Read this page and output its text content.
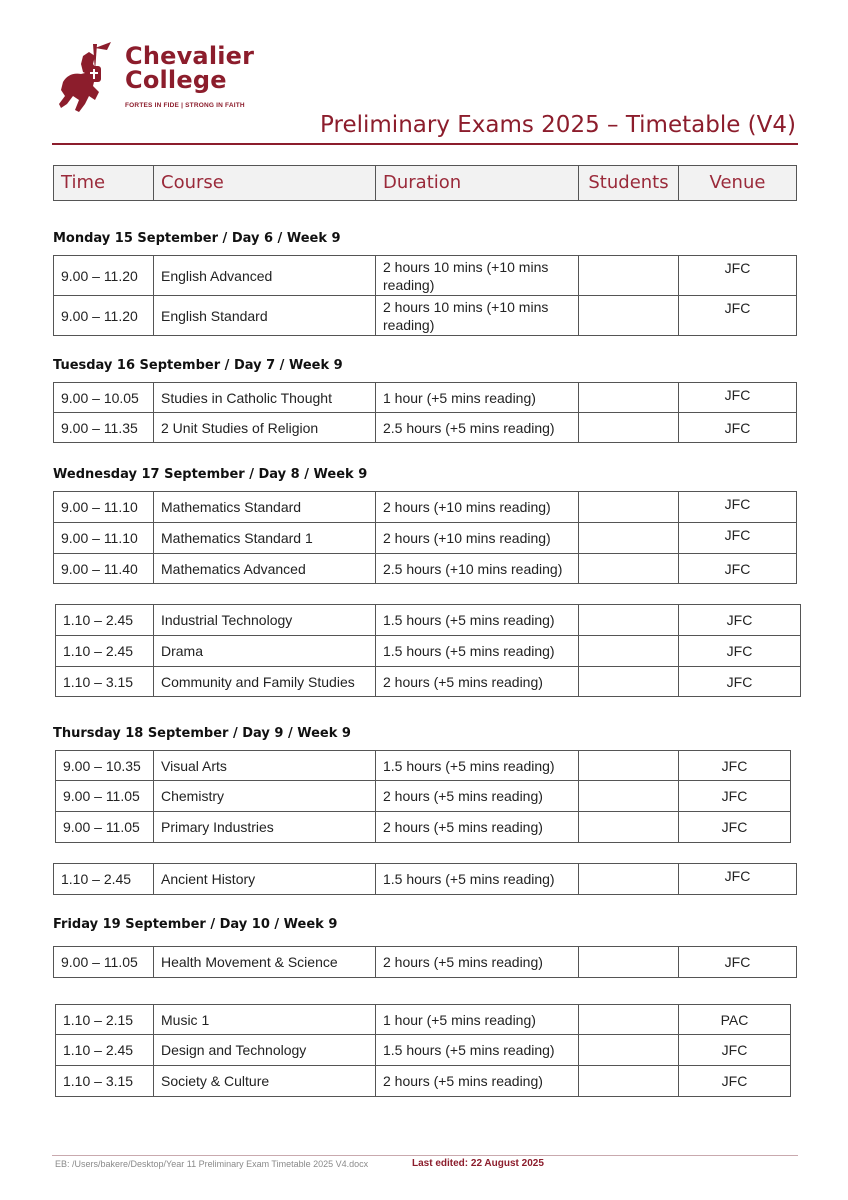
Chevalier
College
FORTES IN FIDE | STRONG IN FAITH
Preliminary Exams 2025 – Timetable (V4)
Time	Course	Duration	Students	Venue
Monday 15 September / Day 6 / Week 9
9.00 – 11.20	English Advanced	2 hours 10 mins (+10 mins reading)		JFC
9.00 – 11.20	English Standard	2 hours 10 mins (+10 mins reading)		JFC
Tuesday 16 September / Day 7 / Week 9
9.00 – 10.05	Studies in Catholic Thought	1 hour (+5 mins reading)		JFC
9.00 – 11.35	2 Unit Studies of Religion	2.5 hours (+5 mins reading)		JFC
Wednesday 17 September / Day 8 / Week 9
9.00 – 11.10	Mathematics Standard	2 hours (+10 mins reading)		JFC
9.00 – 11.10	Mathematics Standard 1	2 hours (+10 mins reading)		JFC
9.00 – 11.40	Mathematics Advanced	2.5 hours (+10 mins reading)		JFC
1.10 – 2.45	Industrial Technology	1.5 hours (+5 mins reading)		JFC
1.10 – 2.45	Drama	1.5 hours (+5 mins reading)		JFC
1.10 – 3.15	Community and Family Studies	2 hours (+5 mins reading)		JFC
Thursday 18 September / Day 9 / Week 9
9.00 – 10.35	Visual Arts	1.5 hours (+5 mins reading)		JFC
9.00 – 11.05	Chemistry	2 hours (+5 mins reading)		JFC
9.00 – 11.05	Primary Industries	2 hours (+5 mins reading)		JFC
1.10 – 2.45	Ancient History	1.5 hours (+5 mins reading)		JFC
Friday 19 September / Day 10 / Week 9
9.00 – 11.05	Health Movement & Science	2 hours (+5 mins reading)		JFC
1.10 – 2.15	Music 1	1 hour (+5 mins reading)		PAC
1.10 – 2.45	Design and Technology	1.5 hours (+5 mins reading)		JFC
1.10 – 3.15	Society & Culture	2 hours (+5 mins reading)		JFC
EB: /Users/bakere/Desktop/Year 11 Preliminary Exam Timetable 2025 V4.docx	Last edited: 22 August 2025
